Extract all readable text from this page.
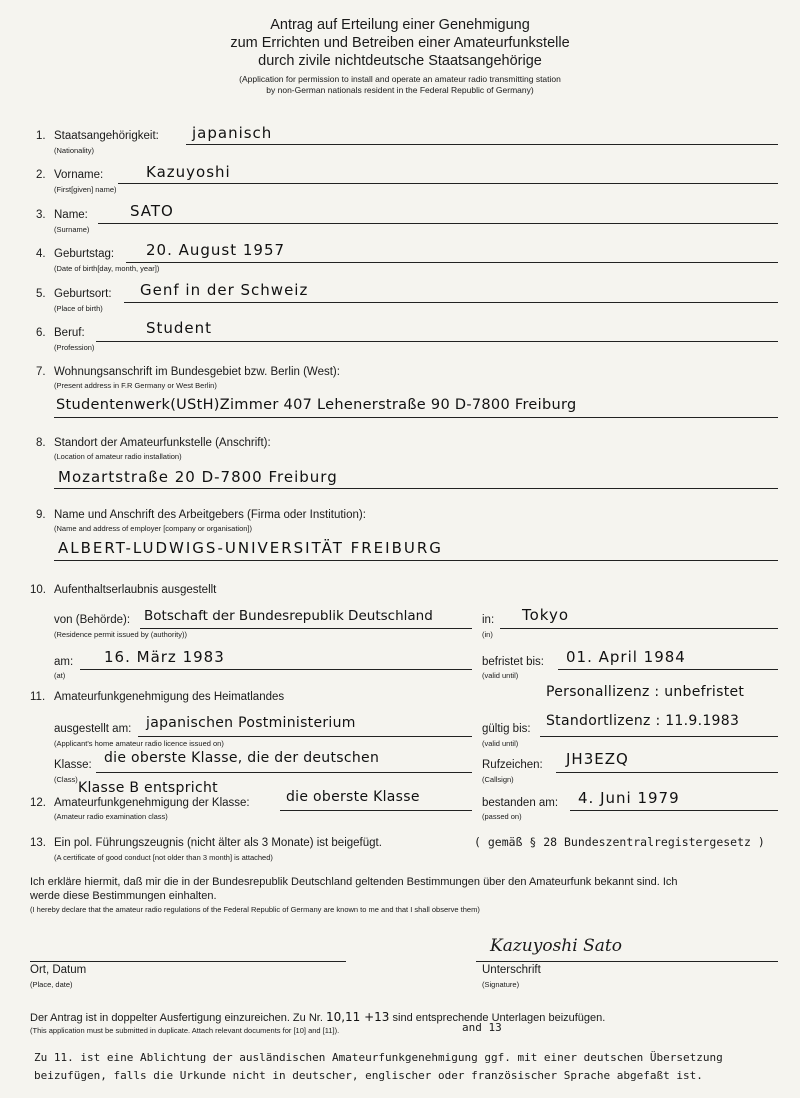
Antrag auf Erteilung einer Genehmigung
zum Errichten und Betreiben einer Amateurfunkstelle
durch zivile nichtdeutsche Staatsangehörige
(Application for permission to install and operate an amateur radio transmitting station
by non-German nationals resident in the Federal Republic of Germany)
1. Staatsangehörigkeit:
(Nationality)
japanisch
2. Vorname:
(First[given] name)
Kazuyoshi
3. Name:
(Surname)
SATO
4. Geburtstag:
(Date of birth[day, month, year])
20. August 1957
5. Geburtsort:
(Place of birth)
Genf in der Schweiz
6. Beruf:
(Profession)
Student
7. Wohnungsanschrift im Bundesgebiet bzw. Berlin (West):
(Present address in F.R Germany or West Berlin)
Studentenwerk(UStH)Zimmer 407 Lehenerstraße 90 D-7800 Freiburg
8. Standort der Amateurfunkstelle (Anschrift):
(Location of amateur radio installation)
Mozartstraße 20 D-7800 Freiburg
9. Name und Anschrift des Arbeitgebers (Firma oder Institution):
(Name and address of employer [company or organisation])
ALBERT-LUDWIGS-UNIVERSITÄT FREIBURG
10. Aufenthaltserlaubnis ausgestellt
von (Behörde):
(Residence permit issued by (authority))
Botschaft der Bundesrepublik Deutschland	in:
(in)
Tokyo
am:
(at)
16. März 1983	befristet bis:
(valid until)
01. April 1984
11. Amateurfunkgenehmigung des Heimatlandes	Personallizenz : unbefristet
ausgestellt am:
(Applicant's home amateur radio licence issued on)
japanischen Postministerium	gültig bis:
(valid until)
Standortlizenz : 11.9.1983
Klasse:
(Class)
die oberste Klasse, die der deutschen	Rufzeichen:
(Callsign)
JH3EZQ
Klasse B entspricht
12. Amateurfunkgenehmigung der Klasse:
(Amateur radio examination class)
die oberste Klasse	bestanden am:
(passed on)
4. Juni 1979
13. Ein pol. Führungszeugnis (nicht älter als 3 Monate) ist beigefügt.
(A certificate of good conduct [not older than 3 month] is attached)
( gemäß § 28 Bundeszentralregistergesetz )
Ich erkläre hiermit, daß mir die in der Bundesrepublik Deutschland geltenden Bestimmungen über den Amateurfunk bekannt sind. Ich
werde diese Bestimmungen einhalten.
(I hereby declare that the amateur radio regulations of the Federal Republic of Germany are known to me and that I shall observe them)
Ort, Datum
(Place, date)
Kazuyoshi Sato
Unterschrift
(Signature)
Der Antrag ist in doppelter Ausfertigung einzureichen. Zu Nr. 10,11 +13 sind entsprechende Unterlagen beizufügen.
(This application must be submitted in duplicate. Attach relevant documents for [10] and [11]).	and 13
Zu 11. ist eine Ablichtung der ausländischen Amateurfunkgenehmigung ggf. mit einer deutschen Übersetzung
beizufügen, falls die Urkunde nicht in deutscher, englischer oder französischer Sprache abgefaßt ist.
